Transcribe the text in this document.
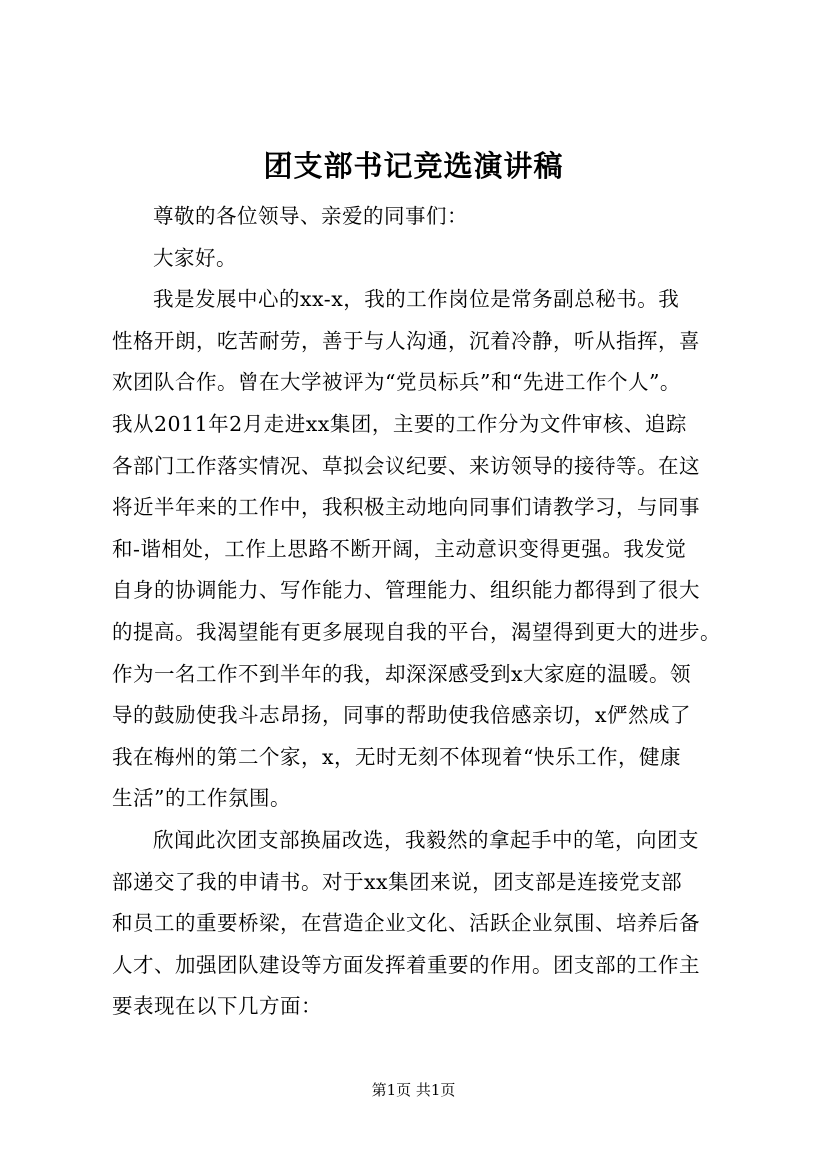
团支部书记竞选演讲稿
尊敬的各位领导、亲爱的同事们：
大家好。
我是发展中心的xx-x，我的工作岗位是常务副总秘书。我
性格开朗，吃苦耐劳，善于与人沟通，沉着冷静，听从指挥，喜
欢团队合作。曾在大学被评为“党员标兵”和“先进工作个人”。
我从2011年2月走进xx集团，主要的工作分为文件审核、追踪
各部门工作落实情况、草拟会议纪要、来访领导的接待等。在这
将近半年来的工作中，我积极主动地向同事们请教学习，与同事
和-谐相处，工作上思路不断开阔，主动意识变得更强。我发觉
自身的协调能力、写作能力、管理能力、组织能力都得到了很大
的提高。我渴望能有更多展现自我的平台，渴望得到更大的进步。
作为一名工作不到半年的我，却深深感受到x大家庭的温暖。领
导的鼓励使我斗志昂扬，同事的帮助使我倍感亲切，x俨然成了
我在梅州的第二个家，x，无时无刻不体现着“快乐工作，健康
生活”的工作氛围。
欣闻此次团支部换届改选，我毅然的拿起手中的笔，向团支
部递交了我的申请书。对于xx集团来说，团支部是连接党支部
和员工的重要桥梁，在营造企业文化、活跃企业氛围、培养后备
人才、加强团队建设等方面发挥着重要的作用。团支部的工作主
要表现在以下几方面：
第1页 共1页
